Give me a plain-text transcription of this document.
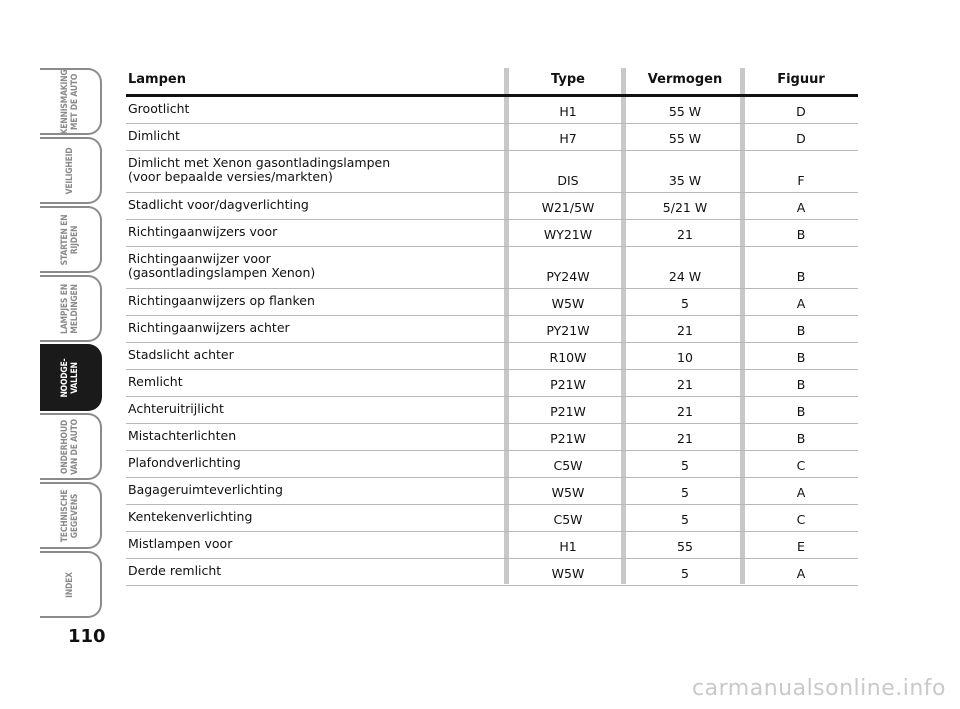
KENNISMAKING
MET DE AUTO
VEILIGHEID
STARTEN EN
RIJDEN
LAMPJES EN
MELDINGEN
NOODGE-
VALLEN
ONDERHOUD
VAN DE AUTO
TECHNISCHE
GEGEVENS
INDEX
110
Lampen	Type	Vermogen	Figuur
Grootlicht	H1	55 W	D
Dimlicht	H7	55 W	D
Dimlicht met Xenon gasontladingslampen
(voor bepaalde versies/markten)	DIS	35 W	F
Stadlicht voor/dagverlichting	W21/5W	5/21 W	A
Richtingaanwijzers voor	WY21W	21	B
Richtingaanwijzer voor
(gasontladingslampen Xenon)	PY24W	24 W	B
Richtingaanwijzers op flanken	W5W	5	A
Richtingaanwijzers achter	PY21W	21	B
Stadslicht achter	R10W	10	B
Remlicht	P21W	21	B
Achteruitrijlicht	P21W	21	B
Mistachterlichten	P21W	21	B
Plafondverlichting	C5W	5	C
Bagageruimteverlichting	W5W	5	A
Kentekenverlichting	C5W	5	C
Mistlampen voor	H1	55	E
Derde remlicht	W5W	5	A
carmanualsonline.info
